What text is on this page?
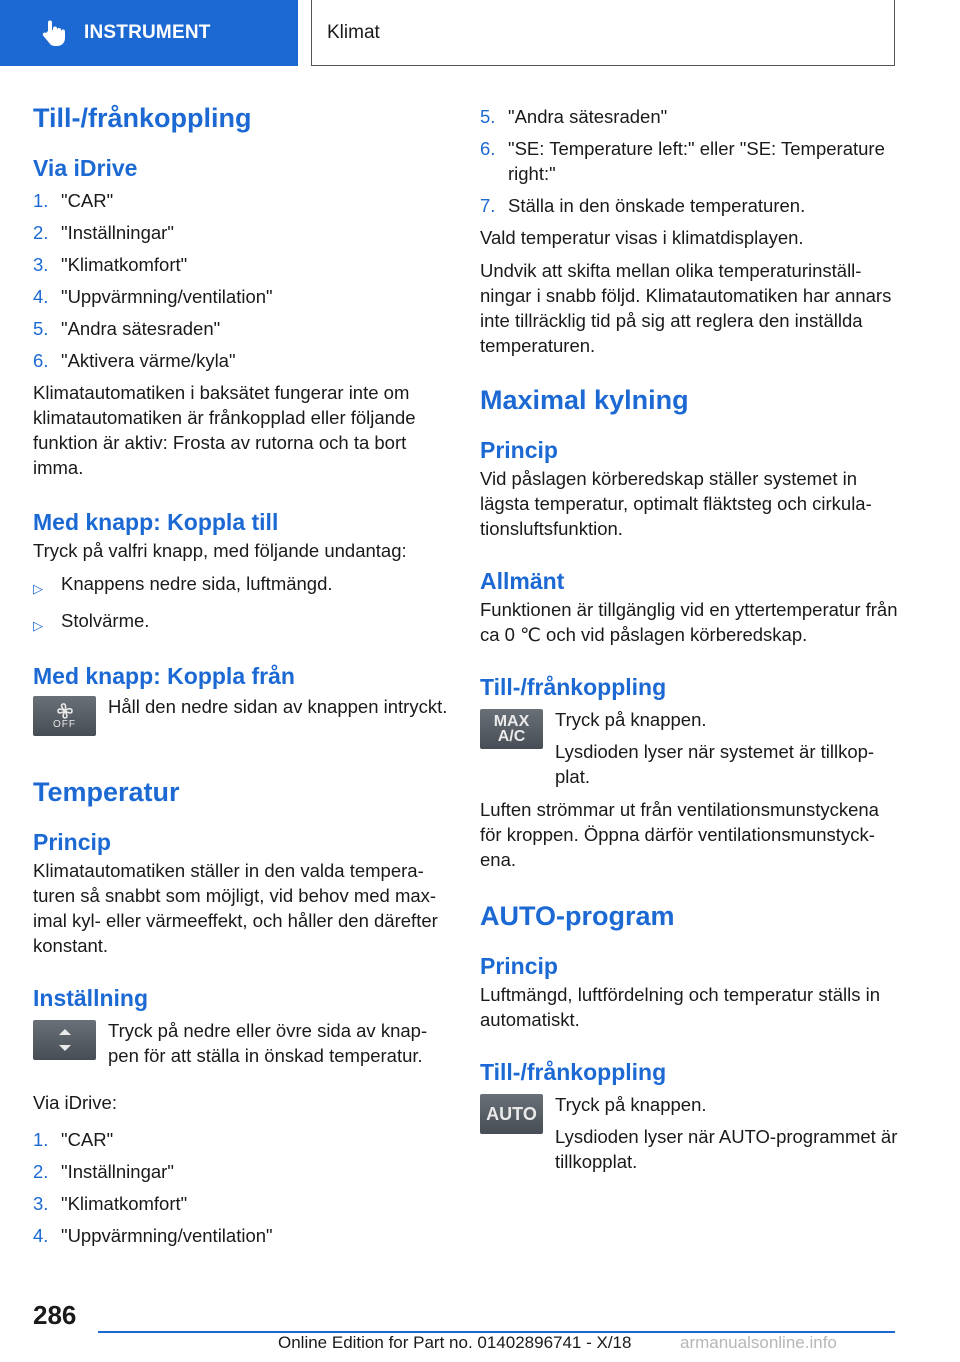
INSTRUMENT	Klimat
Till-/frånkoppling
Via iDrive
1. "CAR"
2. "Inställningar"
3. "Klimatkomfort"
4. "Uppvärmning/ventilation"
5. "Andra sätesraden"
6. "Aktivera värme/kyla"

Klimatautomatiken i baksätet fungerar inte om klimatautomatiken är frånkopplad eller följande funktion är aktiv: Frosta av rutorna och ta bort imma.

Med knapp: Koppla till

Tryck på valfri knapp, med följande undantag:

▷ Knappens nedre sida, luftmängd.
▷ Stolvärme.
Med knapp: Koppla från
OFF

Håll den nedre sidan av knappen intryckt.

Temperatur
Princip

Klimatautomatiken ställer in den valda temperaturen så snabbt som möjligt, vid behov med maximal kyl- eller värmeeffekt, och håller den därefter konstant.

Inställning

Tryck på nedre eller övre sida av knappen för att ställa in önskad temperatur.

Via iDrive:

1. "CAR"
2. "Inställningar"
3. "Klimatkomfort"
4. "Uppvärmning/ventilation"
5. "Andra sätesraden"
6. "SE: Temperature left:" eller "SE: Temperature right:"
7. Ställa in den önskade temperaturen.

Vald temperatur visas i klimatdisplayen.

Undvik att skifta mellan olika temperaturinställningar i snabb följd. Klimatautomatiken har annars inte tillräcklig tid på sig att reglera den inställda temperaturen.

Maximal kylning
Princip

Vid påslagen körberedskap ställer systemet in lägsta temperatur, optimalt fläktsteg och cirkulationsluftsfunktion.

Allmänt

Funktionen är tillgänglig vid en yttertemperatur från ca 0 ℃ och vid påslagen körberedskap.

Till-/frånkoppling
MAX
A/C

Tryck på knappen.

Lysdioden lyser när systemet är tillkopplat.

Luften strömmar ut från ventilationsmunstyckena för kroppen. Öppna därför ventilationsmunstyckena.

AUTO-program
Princip

Luftmängd, luftfördelning och temperatur ställs in automatiskt.

Till-/frånkoppling
AUTO Tryck på knappen.

Lysdioden lyser när AUTO-programmet är tillkopplat.

286
Online Edition for Part no. 01402896741 - X/18	armanualsonline.info
